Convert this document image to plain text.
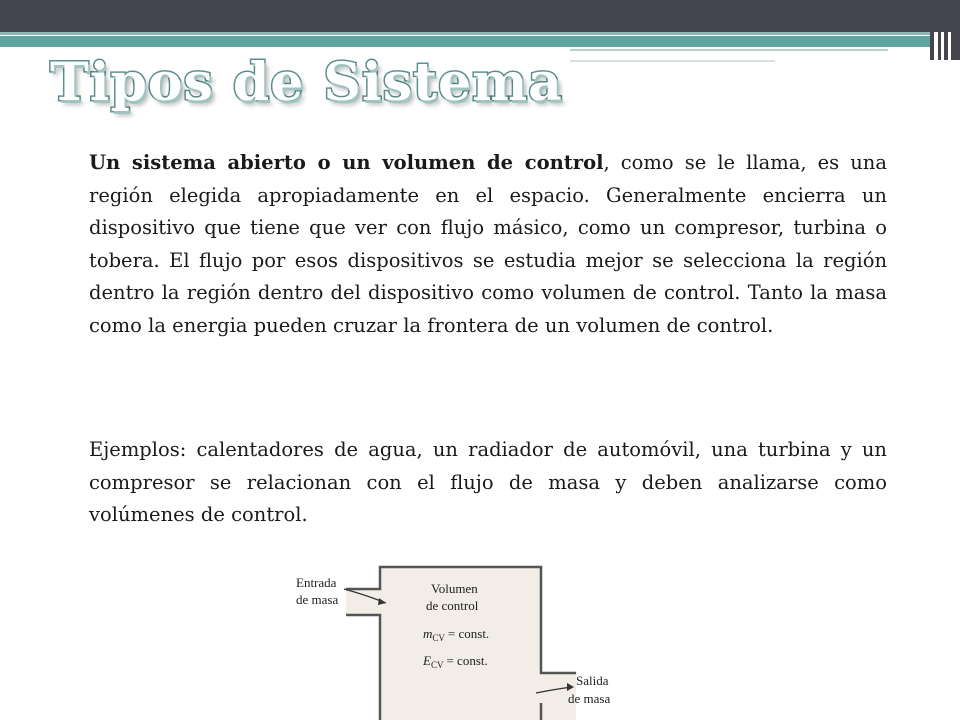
Tipos de Sistema

Un sistema abierto o un volumen de control, como se le llama, es una región elegida apropiadamente en el espacio. Generalmente encierra un dispositivo que tiene que ver con flujo másico, como un compresor, turbina o tobera. El flujo por esos dispositivos se estudia mejor se selecciona la región dentro la región dentro del dispositivo como volumen de control. Tanto la masa como la energia pueden cruzar la frontera de un volumen de control.

Ejemplos: calentadores de agua, un radiador de automóvil, una turbina y un compresor se relacionan con el flujo de masa y deben analizarse como volúmenes de control.

Entrada
de masa
Volumen
de control
$m_{CV}$ = const.
$E_{CV}$ = const.
Salida
de masa
